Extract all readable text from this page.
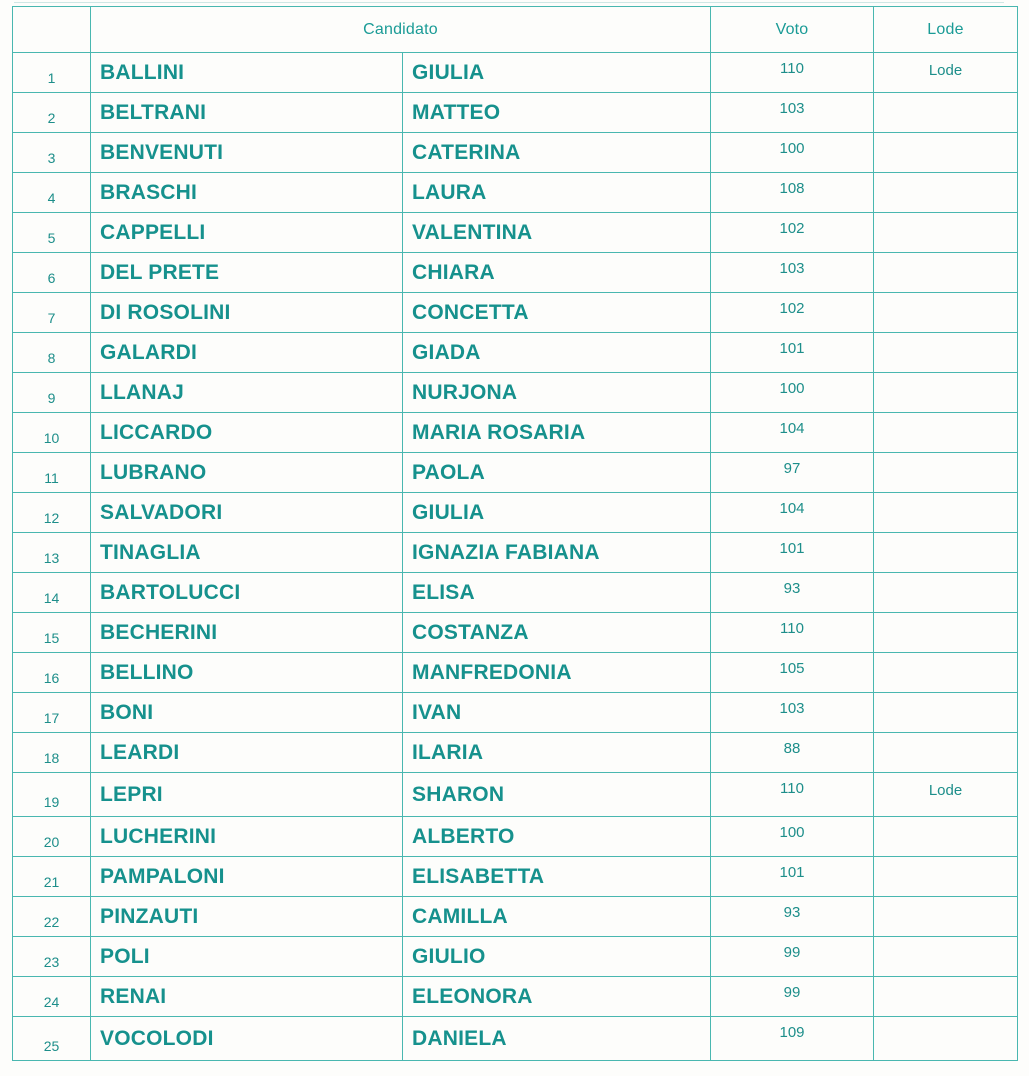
	Candidato		Voto	Lode
1	BALLINI	GIULIA	110	Lode
2	BELTRANI	MATTEO	103	
3	BENVENUTI	CATERINA	100	
4	BRASCHI	LAURA	108	
5	CAPPELLI	VALENTINA	102	
6	DEL PRETE	CHIARA	103	
7	DI ROSOLINI	CONCETTA	102	
8	GALARDI	GIADA	101	
9	LLANAJ	NURJONA	100	
10	LICCARDO	MARIA ROSARIA	104	
11	LUBRANO	PAOLA	97	
12	SALVADORI	GIULIA	104	
13	TINAGLIA	IGNAZIA FABIANA	101	
14	BARTOLUCCI	ELISA	93	
15	BECHERINI	COSTANZA	110	
16	BELLINO	MANFREDONIA	105	
17	BONI	IVAN	103	
18	LEARDI	ILARIA	88	
19	LEPRI	SHARON	110	Lode
20	LUCHERINI	ALBERTO	100	
21	PAMPALONI	ELISABETTA	101	
22	PINZAUTI	CAMILLA	93	
23	POLI	GIULIO	99	
24	RENAI	ELEONORA	99	
25	VOCOLODI	DANIELA	109	
